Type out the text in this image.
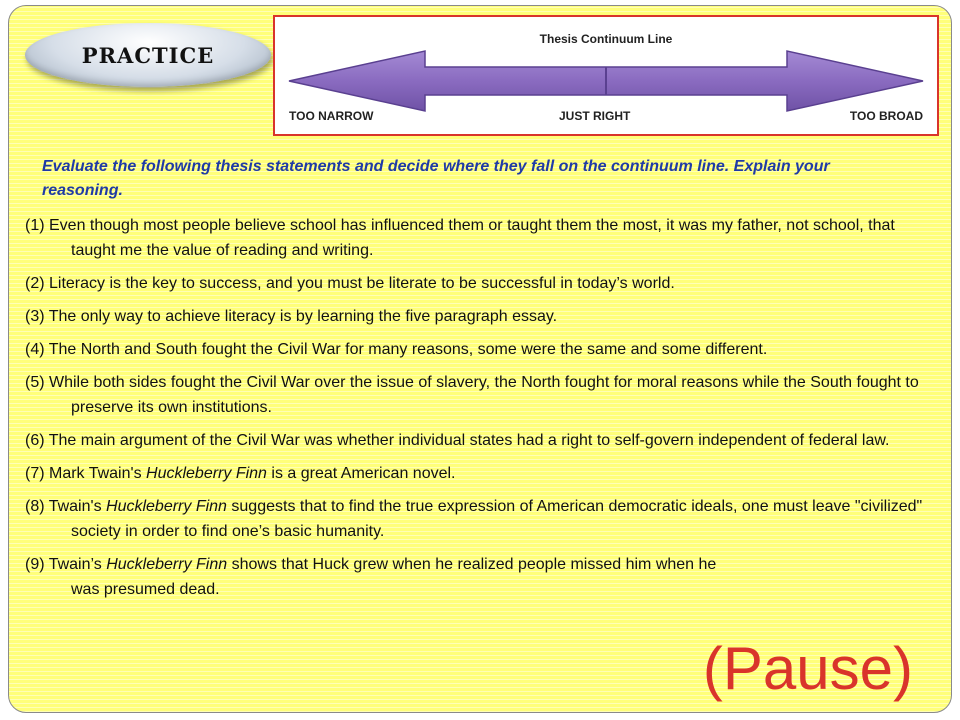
PRACTICE
Thesis Continuum Line
TOO NARROW	JUST RIGHT	TOO BROAD
Evaluate the following thesis statements and decide where they fall on the continuum line. Explain your reasoning.

(1) Even though most people believe school has influenced them or taught them the most, it was my father, not school, that taught me the value of reading and writing.

(2) Literacy is the key to success, and you must be literate to be successful in today’s world.

(3) The only way to achieve literacy is by learning the five paragraph essay.

(4) The North and South fought the Civil War for many reasons, some were the same and some different.

(5) While both sides fought the Civil War over the issue of slavery, the North fought for moral reasons while the South fought to preserve its own institutions.

(6) The main argument of the Civil War was whether individual states had a right to self-govern independent of federal law.

(7) Mark Twain's Huckleberry Finn is a great American novel.

(8) Twain's Huckleberry Finn suggests that to find the true expression of American democratic ideals, one must leave "civilized" society in order to find one’s basic humanity.

(9) Twain’s Huckleberry Finn shows that Huck grew when he realized people missed him when he was presumed dead.

(Pause)
